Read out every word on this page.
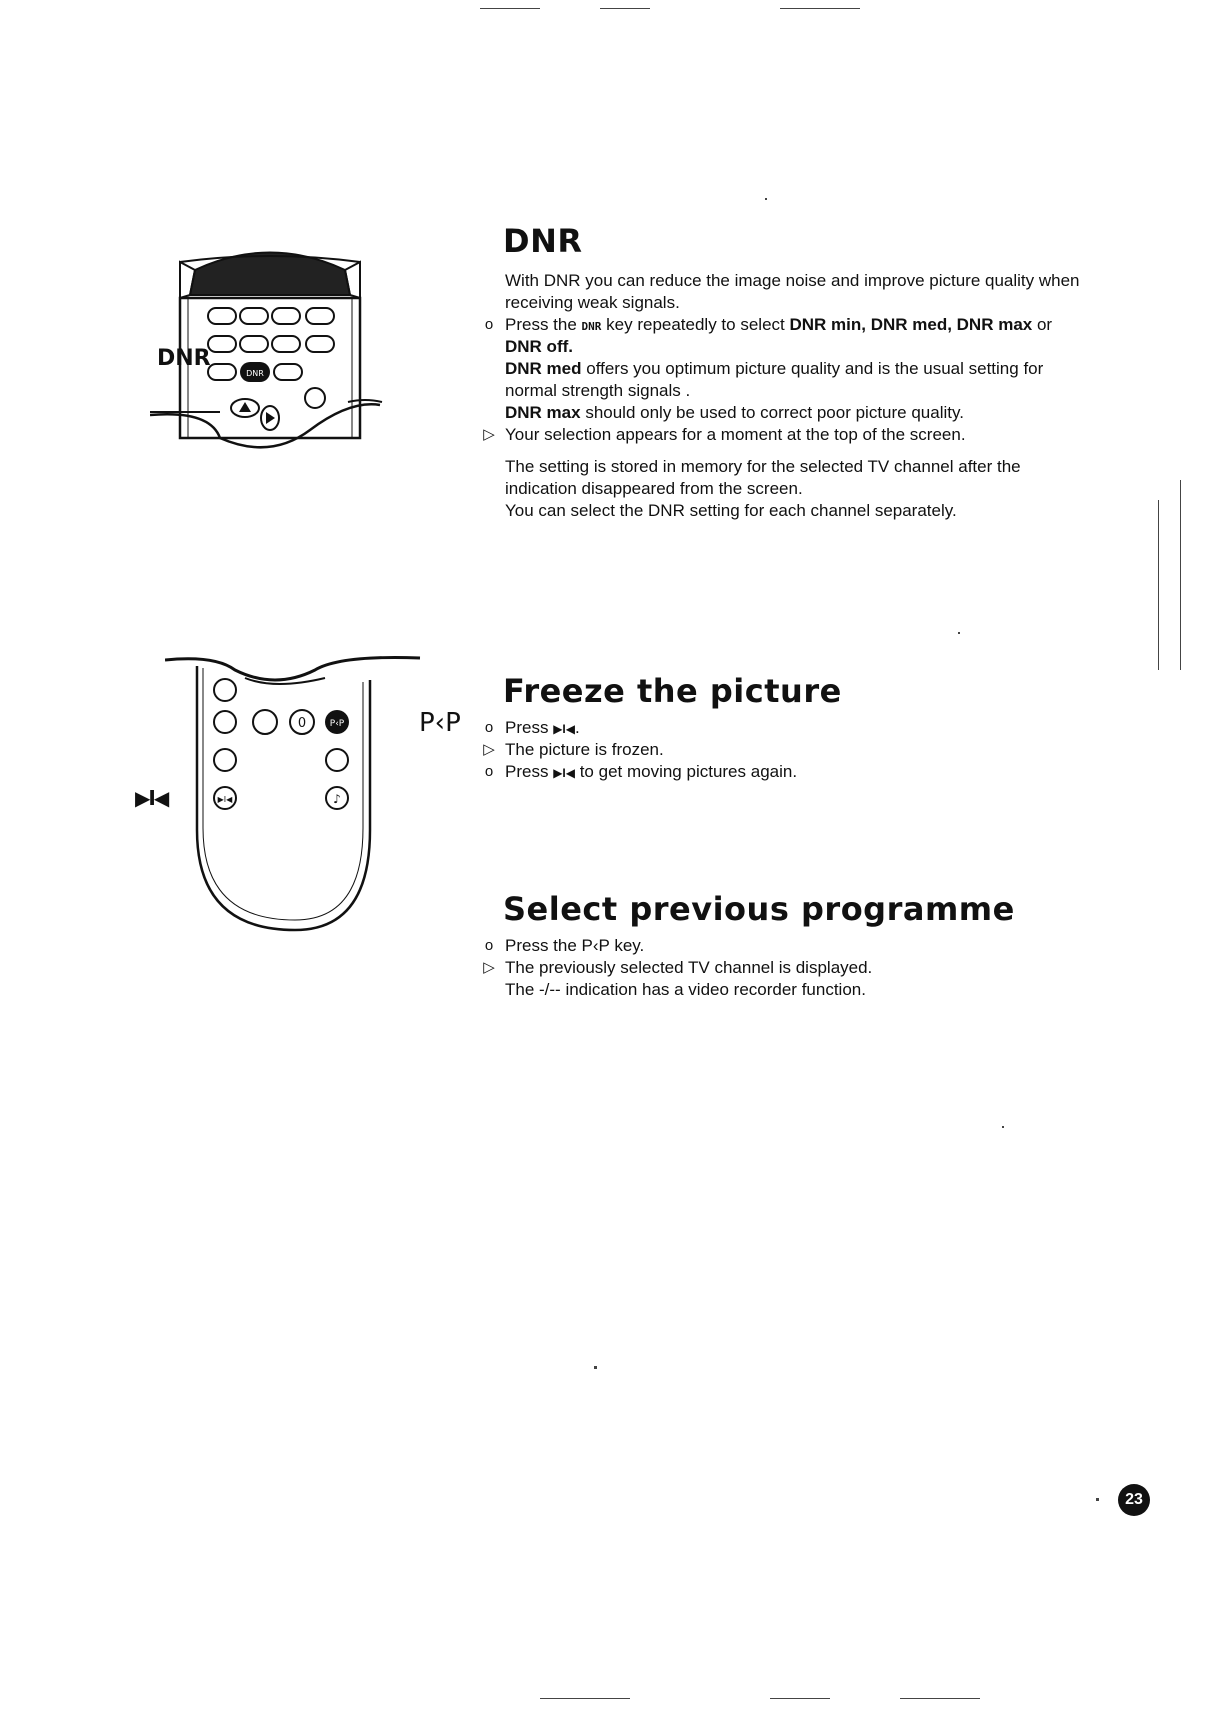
DNR
DNR
DNR
With DNR you can reduce the image noise and improve picture quality when
receiving weak signals.
o Press the DNR key repeatedly to select DNR min, DNR med, DNR max or
DNR off.
DNR med offers you optimum picture quality and is the usual setting for
normal strength signals .
DNR max should only be used to correct poor picture quality.
▷ Your selection appears for a moment at the top of the screen.
The setting is stored in memory for the selected TV channel after the
indication disappeared from the screen.
You can select the DNR setting for each channel separately.
P‹P
0
▶I◀	♪
▶I◀
P‹P
Freeze the picture
o Press ▶I◀.
▷ The picture is frozen.
o Press ▶I◀ to get moving pictures again.
Select previous programme
o Press the P‹P key.
▷ The previously selected TV channel is displayed.
The -/-- indication has a video recorder function.
23
